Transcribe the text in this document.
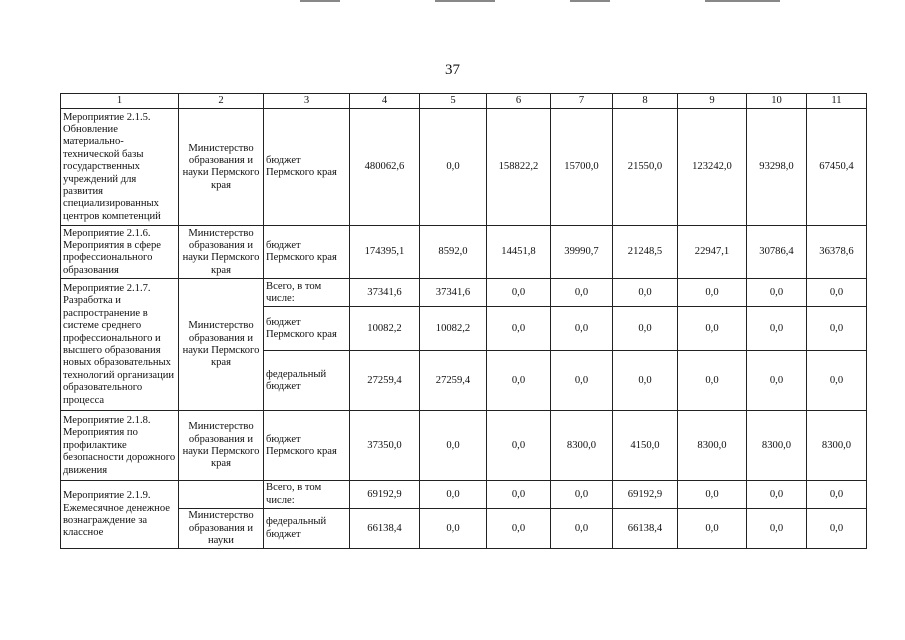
37
1	2	3	4	5	6	7	8	9	10	11
Мероприятие 2.1.5. Обновление материально-технической базы государственных учреждений для развития специализированных центров компетенций	Министерство образования и науки Пермского края	бюджет Пермского края	480062,6	0,0	158822,2	15700,0	21550,0	123242,0	93298,0	67450,4
Мероприятие 2.1.6. Мероприятия в сфере профессионального образования	Министерство образования и науки Пермского края	бюджет Пермского края	174395,1	8592,0	14451,8	39990,7	21248,5	22947,1	30786,4	36378,6
Мероприятие 2.1.7. Разработка и распространение в системе среднего профессионального и высшего образования новых образовательных технологий организации образовательного процесса	Министерство образования и науки Пермского края	Всего, в том числе:	37341,6	37341,6	0,0	0,0	0,0	0,0	0,0	0,0
		бюджет Пермского края	10082,2	10082,2	0,0	0,0	0,0	0,0	0,0	0,0
		федеральный бюджет	27259,4	27259,4	0,0	0,0	0,0	0,0	0,0	0,0
Мероприятие 2.1.8. Мероприятия по профилактике безопасности дорожного движения	Министерство образования и науки Пермского края	бюджет Пермского края	37350,0	0,0	0,0	8300,0	4150,0	8300,0	8300,0	8300,0
Мероприятие 2.1.9. Ежемесячное денежное вознаграждение за классное		Всего, в том числе:	69192,9	0,0	0,0	0,0	69192,9	0,0	0,0	0,0
	Министерство образования и науки	федеральный бюджет	66138,4	0,0	0,0	0,0	66138,4	0,0	0,0	0,0
